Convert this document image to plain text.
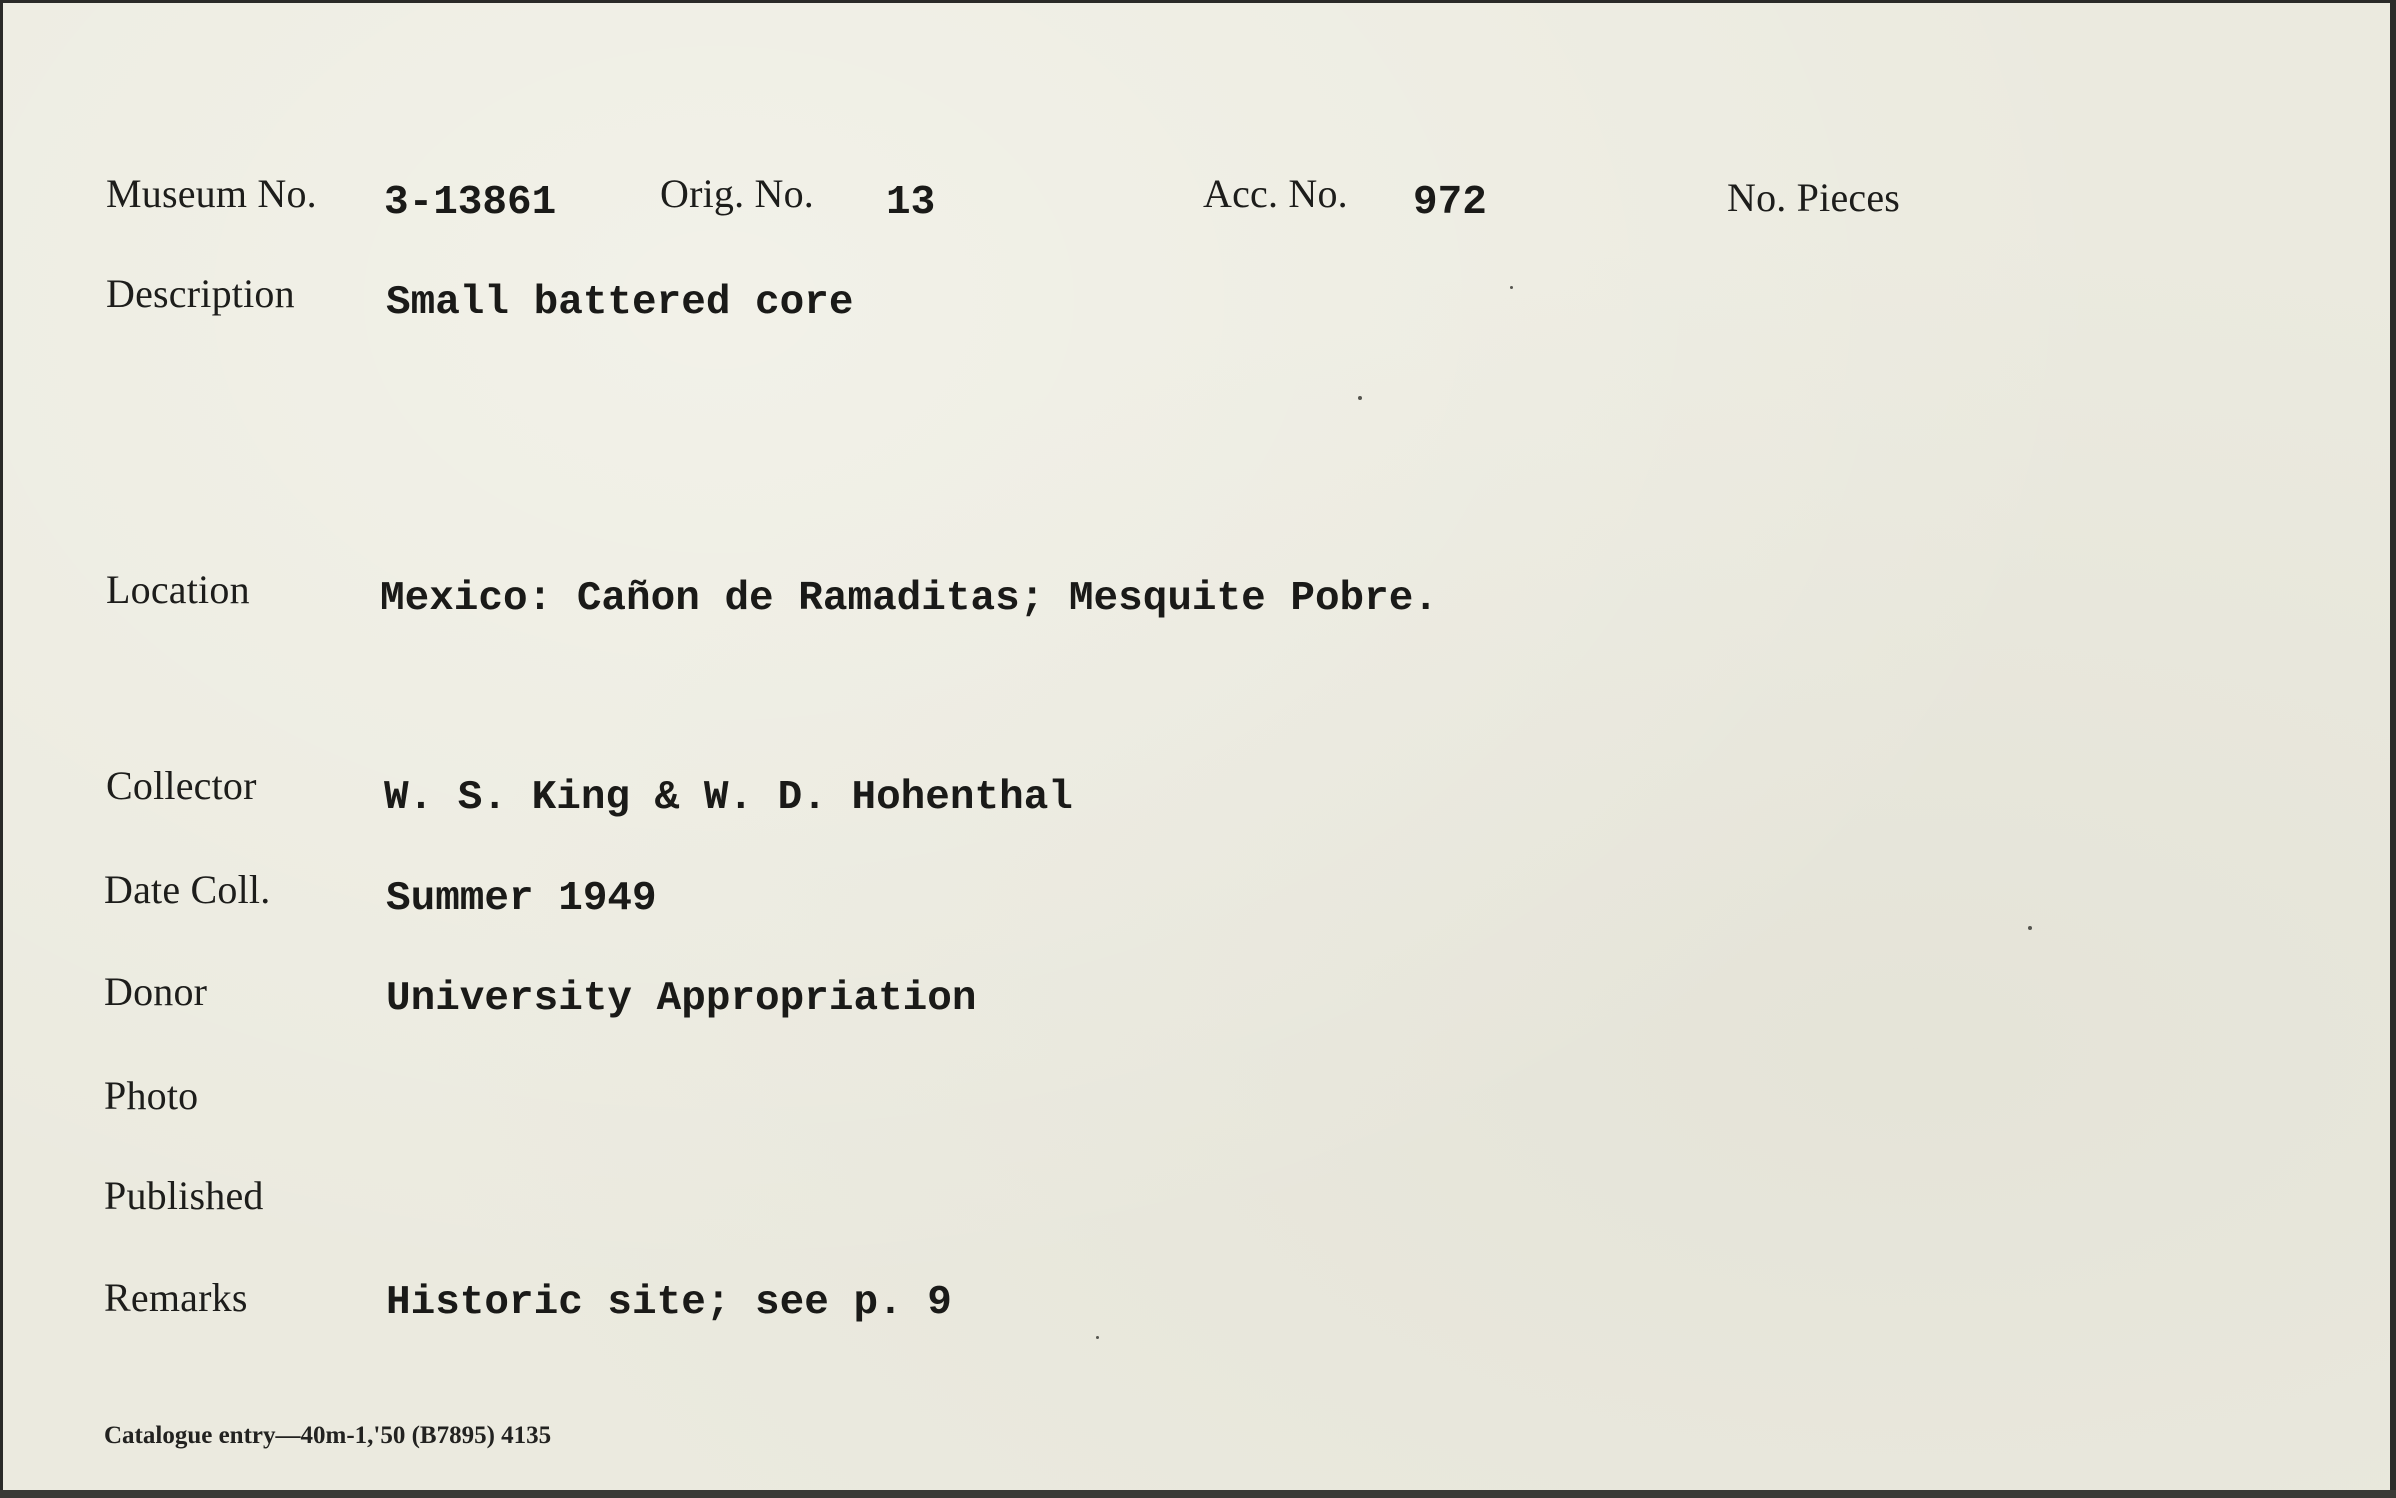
Museum No. 3-13861	Orig. No. 13	Acc. No. 972	No. Pieces
Description Small battered core
Location	Mexico: Cañon de Ramaditas; Mesquite Pobre.
Collector	W. S. King & W. D. Hohenthal
Date Coll.	Summer 1949
Donor	University Appropriation
Photo
Published
Remarks	Historic site; see p. 9
Catalogue entry—40m-1,'50 (B7895) 4135
